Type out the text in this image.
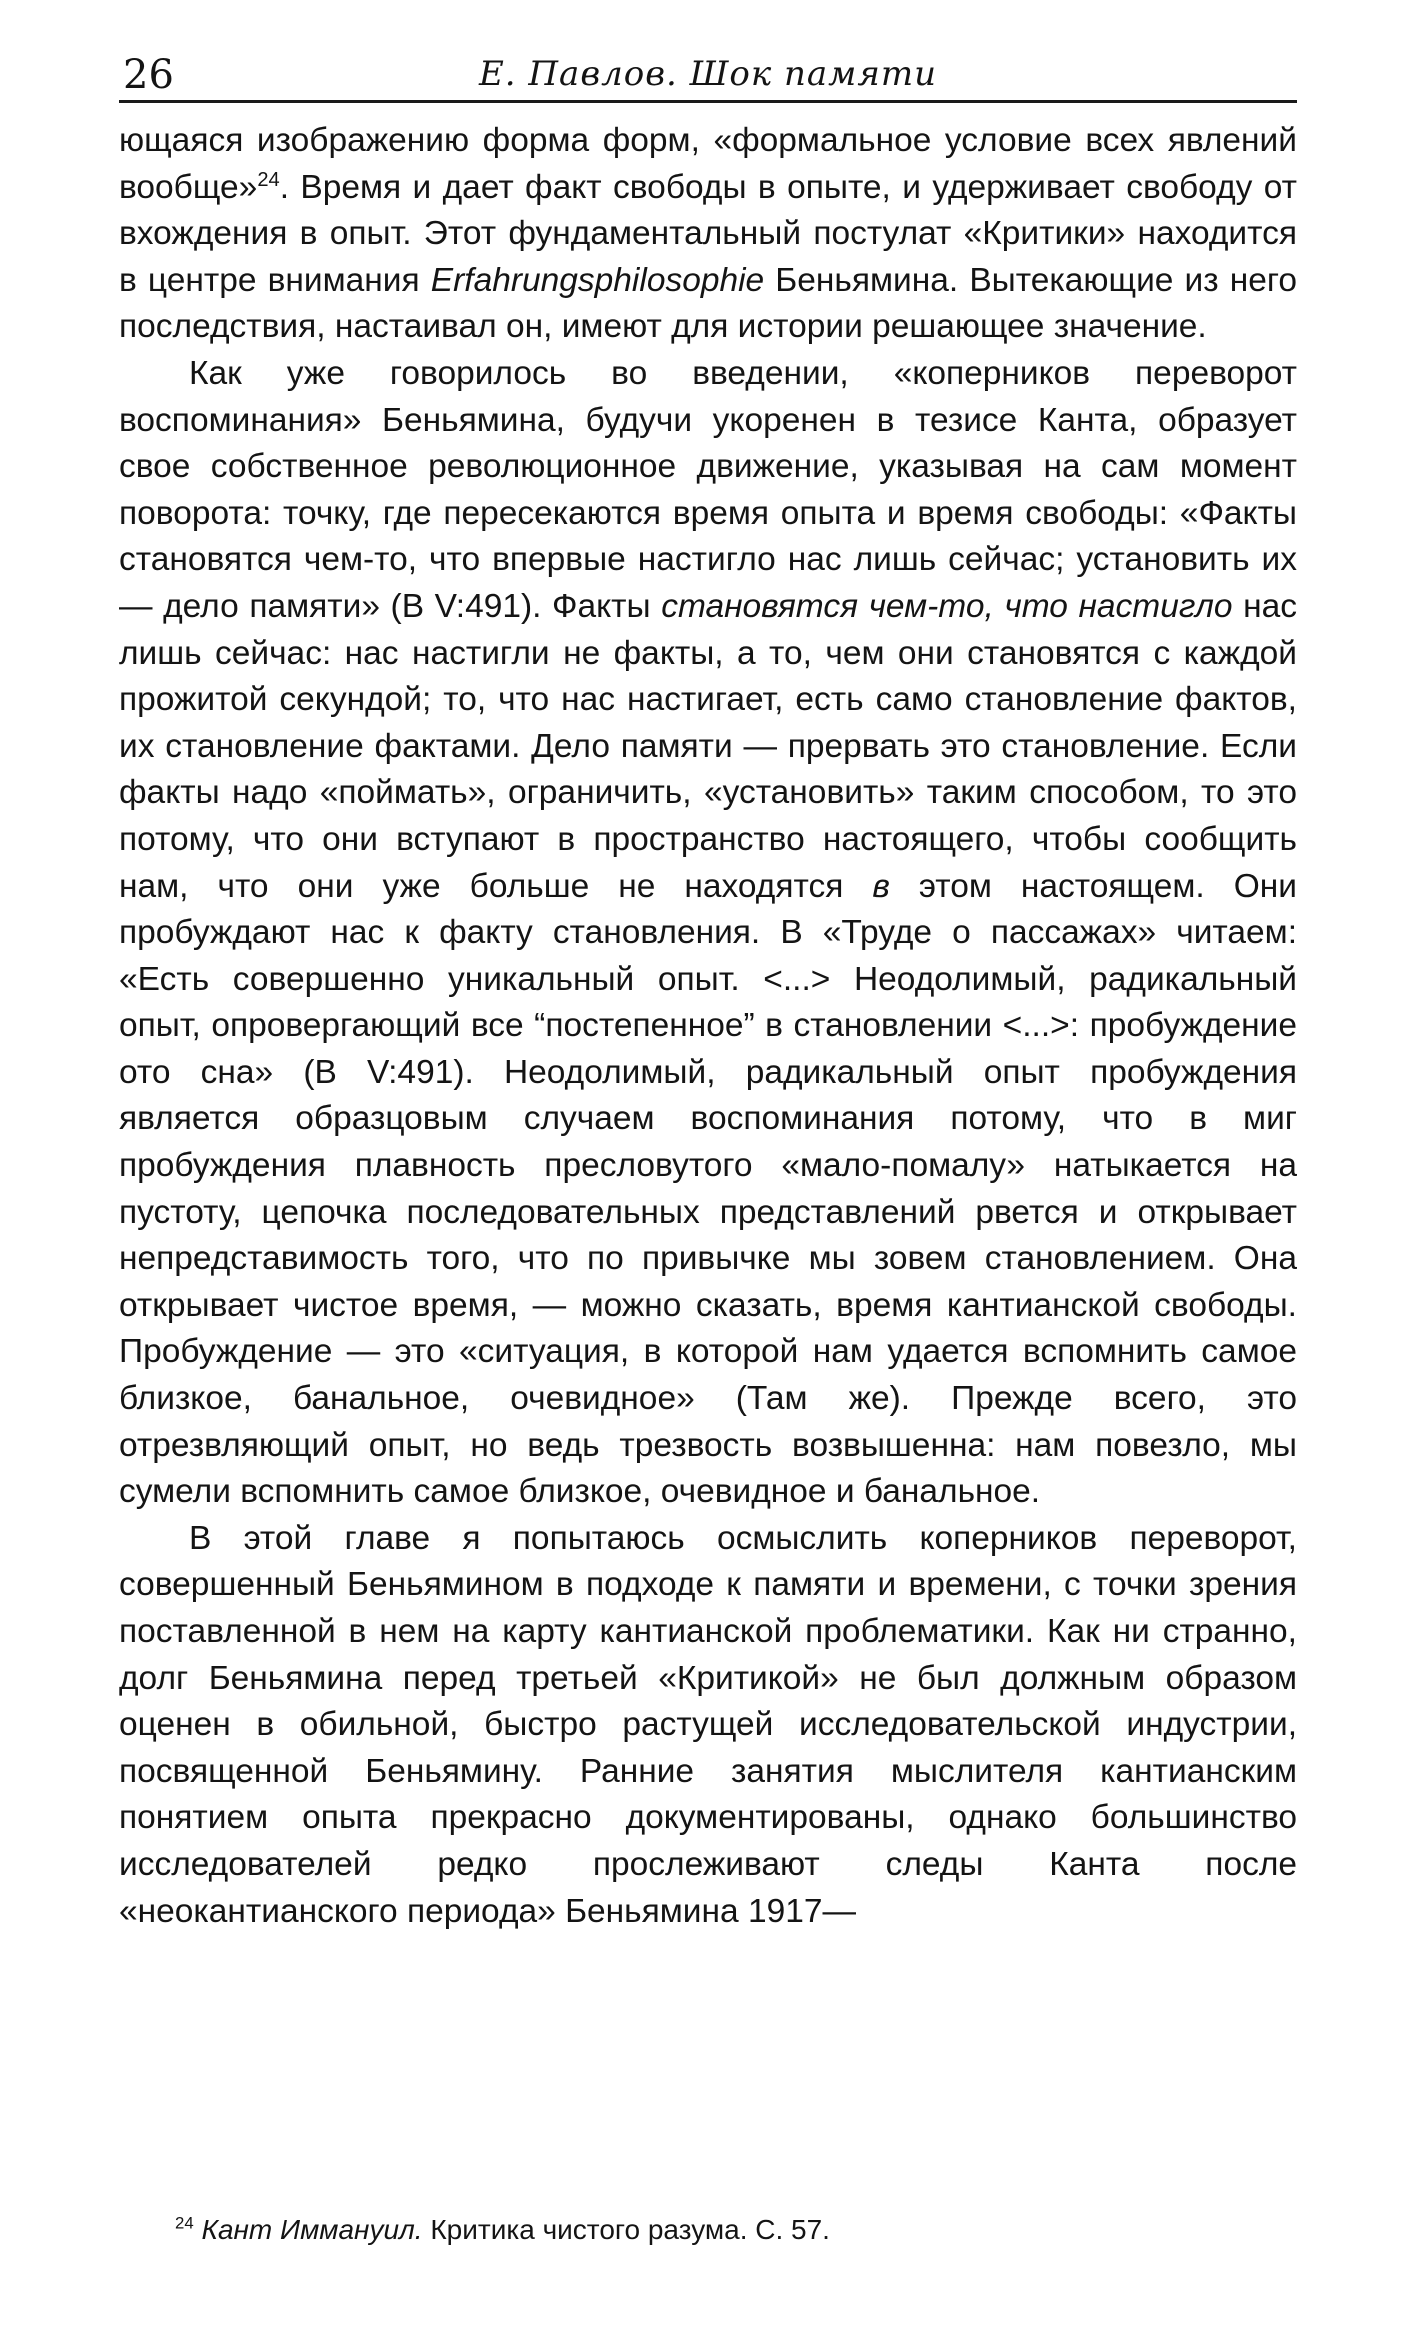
26	Е. Павлов. Шок памяти

ющаяся изображению форма форм, «формальное условие всех явлений вообще»$^{24}$. Время и дает факт свободы в опыте, и удерживает свободу от вхождения в опыт. Этот фундаментальный постулат «Критики» находится в центре внимания Erfahrungsphilosophie Беньямина. Вытекающие из него последствия, настаивал он, имеют для истории решающее значение.

Как уже говорилось во введении, «коперников переворот воспоминания» Беньямина, будучи укоренен в тезисе Канта, образует свое собственное революционное движение, указывая на сам момент поворота: точку, где пересекаются время опыта и время свободы: «Факты становятся чем-то, что впервые настигло нас лишь сейчас; установить их — дело памяти» (B V:491). Факты становятся чем-то, что настигло нас лишь сейчас: нас настигли не факты, а то, чем они становятся с каждой прожитой секундой; то, что нас настигает, есть само становление фактов, их становление фактами. Дело памяти — прервать это становление. Если факты надо «поймать», ограничить, «установить» таким способом, то это потому, что они вступают в пространство настоящего, чтобы сообщить нам, что они уже больше не находятся в этом настоящем. Они пробуждают нас к факту становления. В «Труде о пассажах» читаем: «Есть совершенно уникальный опыт. <...> Неодолимый, радикальный опыт, опровергающий все “постепенное” в становлении <...>: пробуждение ото сна» (B V:491). Неодолимый, радикальный опыт пробуждения является образцовым случаем воспоминания потому, что в миг пробуждения плавность пресловутого «мало-помалу» натыкается на пустоту, цепочка последовательных представлений рвется и открывает непредставимость того, что по привычке мы зовем становлением. Она открывает чистое время, — можно сказать, время кантианской свободы. Пробуждение — это «ситуация, в которой нам удается вспомнить самое близкое, банальное, очевидное» (Там же). Прежде всего, это отрезвляющий опыт, но ведь трезвость возвышенна: нам повезло, мы сумели вспомнить самое близкое, очевидное и банальное.

В этой главе я попытаюсь осмыслить коперников переворот, совершенный Беньямином в подходе к памяти и времени, с точки зрения поставленной в нем на карту кантианской проблематики. Как ни странно, долг Беньямина перед третьей «Критикой» не был должным образом оценен в обильной, быстро растущей исследовательской индустрии, посвященной Беньямину. Ранние занятия мыслителя кантианским понятием опыта прекрасно документированы, однако большинство исследователей редко прослеживают следы Канта после «неокантианского периода» Беньямина 1917—

$^{24}$ Кант Иммануил. Критика чистого разума. С. 57.
